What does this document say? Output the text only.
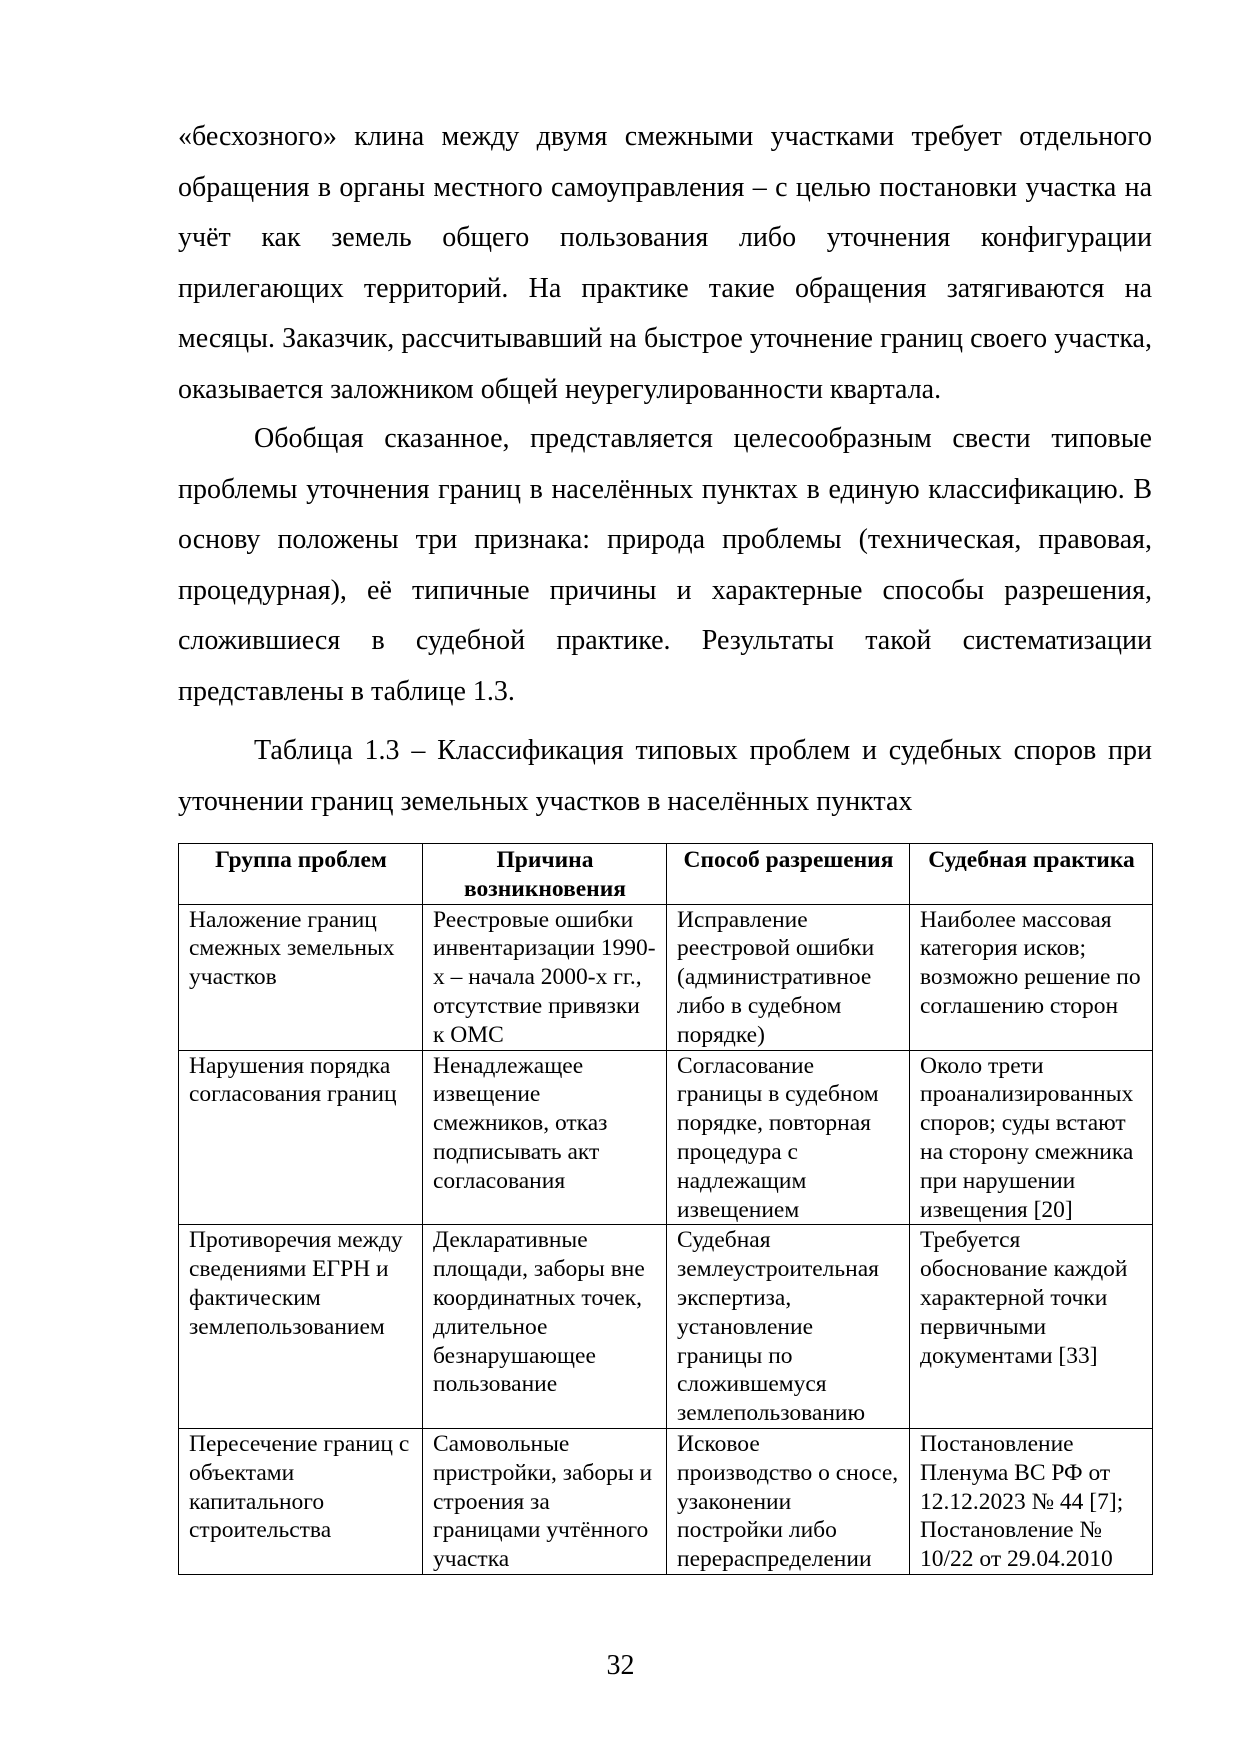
«бесхозного» клина между двумя смежными участками требует отдельного обращения в органы местного самоуправления – с целью постановки участка на учёт как земель общего пользования либо уточнения конфигурации прилегающих территорий. На практике такие обращения затягиваются на месяцы. Заказчик, рассчитывавший на быстрое уточнение границ своего участка, оказывается заложником общей неурегулированности квартала.

Обобщая сказанное, представляется целесообразным свести типовые проблемы уточнения границ в населённых пунктах в единую классификацию. В основу положены три признака: природа проблемы (техническая, правовая, процедурная), её типичные причины и характерные способы разрешения, сложившиеся в судебной практике. Результаты такой систематизации представлены в таблице 1.3.

Таблица 1.3 – Классификация типовых проблем и судебных споров при уточнении границ земельных участков в населённых пунктах

Группа проблем	Причина возникновения	Способ разрешения	Судебная практика
Наложение границ смежных земельных участков	Реестровые ошибки инвентаризации 1990-х – начала 2000-х гг., отсутствие привязки к ОМС	Исправление реестровой ошибки (административное либо в судебном порядке)	Наиболее массовая категория исков; возможно решение по соглашению сторон
Нарушения порядка согласования границ	Ненадлежащее извещение смежников, отказ подписывать акт согласования	Согласование границы в судебном порядке, повторная процедура с надлежащим извещением	Около трети проанализированных споров; суды встают на сторону смежника при нарушении извещения [20]
Противоречия между сведениями ЕГРН и фактическим землепользованием	Декларативные площади, заборы вне координатных точек, длительное безнарушающее пользование	Судебная землеустроительная экспертиза, установление границы по сложившемуся землепользованию	Требуется обоснование каждой характерной точки первичными документами [33]
Пересечение границ с объектами капитального строительства	Самовольные пристройки, заборы и строения за границами учтённого участка	Исковое производство о сносе, узаконении постройки либо перераспределении	Постановление Пленума ВС РФ от 12.12.2023 № 44 [7]; Постановление № 10/22 от 29.04.2010
32
